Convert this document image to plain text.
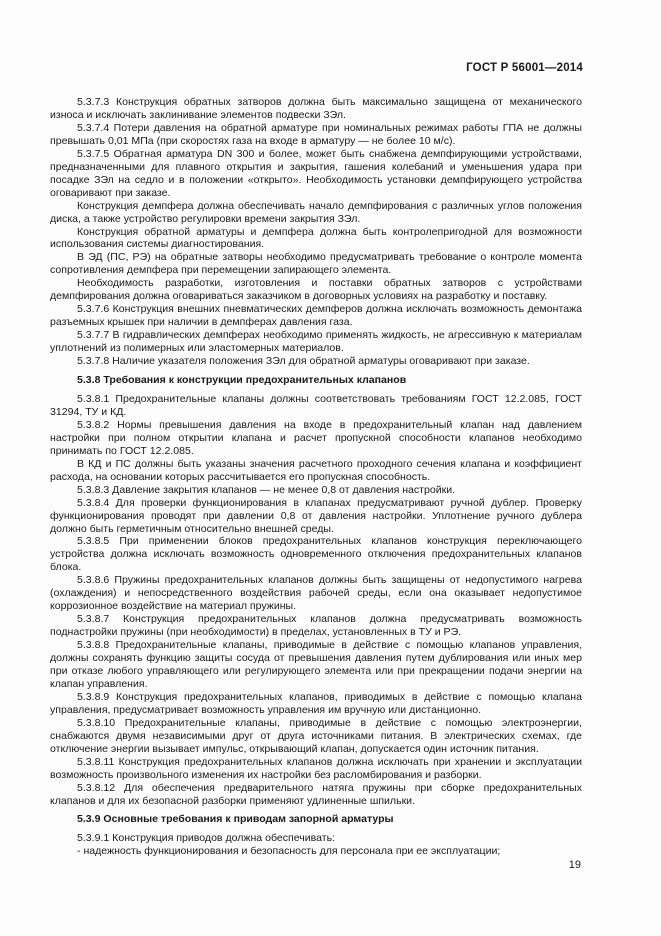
ГОСТ Р 56001—2014

5.3.7.3 Конструкция обратных затворов должна быть максимально защищена от механического износа и исключать заклинивание элементов подвески ЗЭл.

5.3.7.4 Потери давления на обратной арматуре при номинальных режимах работы ГПА не должны превышать 0,01 МПа (при скоростях газа на входе в арматуру — не более 10 м/с).

5.3.7.5 Обратная арматура DN 300 и более, может быть снабжена демпфирующими устройствами, предназначенными для плавного открытия и закрытия, гашения колебаний и уменьшения удара при посадке ЗЭл на седло и в положении «открыто». Необходимость установки демпфирующего устройства оговаривают при заказе.

Конструкция демпфера должна обеспечивать начало демпфирования с различных углов положения диска, а также устройство регулировки времени закрытия ЗЭл.

Конструкция обратной арматуры и демпфера должна быть контролепригодной для возможности использования системы диагностирования.

В ЭД (ПС, РЭ) на обратные затворы необходимо предусматривать требование о контроле момента сопротивления демпфера при перемещении запирающего элемента.

Необходимость разработки, изготовления и поставки обратных затворов с устройствами демпфирования должна оговариваться заказчиком в договорных условиях на разработку и поставку.

5.3.7.6 Конструкция внешних пневматических демпферов должна исключать возможность демонтажа разъемных крышек при наличии в демпферах давления газа.

5.3.7.7 В гидравлических демпферах необходимо применять жидкость, не агрессивную к материалам уплотнений из полимерных или эластомерных материалов.

5.3.7.8 Наличие указателя положения ЗЭл для обратной арматуры оговаривают при заказе.

5.3.8 Требования к конструкции предохранительных клапанов

5.3.8.1 Предохранительные клапаны должны соответствовать требованиям ГОСТ 12.2.085, ГОСТ 31294, ТУ и КД.

5.3.8.2 Нормы превышения давления на входе в предохранительный клапан над давлением настройки при полном открытии клапана и расчет пропускной способности клапанов необходимо принимать по ГОСТ 12.2.085.

В КД и ПС должны быть указаны значения расчетного проходного сечения клапана и коэффициент расхода, на основании которых рассчитывается его пропускная способность.

5.3.8.3 Давление закрытия клапанов — не менее 0,8 от давления настройки.

5.3.8.4 Для проверки функционирования в клапанах предусматривают ручной дублер. Проверку функционирования проводят при давлении 0,8 от давления настройки. Уплотнение ручного дублера должно быть герметичным относительно внешней среды.

5.3.8.5 При применении блоков предохранительных клапанов конструкция переключающего устройства должна исключать возможность одновременного отключения предохранительных клапанов блока.

5.3.8.6 Пружины предохранительных клапанов должны быть защищены от недопустимого нагрева (охлаждения) и непосредственного воздействия рабочей среды, если она оказывает недопустимое коррозионное воздействие на материал пружины.

5.3.8.7 Конструкция предохранительных клапанов должна предусматривать возможность поднастройки пружины (при необходимости) в пределах, установленных в ТУ и РЭ.

5.3.8.8 Предохранительные клапаны, приводимые в действие с помощью клапанов управления, должны сохранять функцию защиты сосуда от превышения давления путем дублирования или иных мер при отказе любого управляющего или регулирующего элемента или при прекращении подачи энергии на клапан управления.

5.3.8.9 Конструкция предохранительных клапанов, приводимых в действие с помощью клапана управления, предусматривает возможность управления им вручную или дистанционно.

5.3.8.10 Предохранительные клапаны, приводимые в действие с помощью электроэнергии, снабжаются двумя независимыми друг от друга источниками питания. В электрических схемах, где отключение энергии вызывает импульс, открывающий клапан, допускается один источник питания.

5.3.8.11 Конструкция предохранительных клапанов должна исключать при хранении и эксплуатации возможность произвольного изменения их настройки без расломбирования и разборки.

5.3.8.12 Для обеспечения предварительного натяга пружины при сборке предохранительных клапанов и для их безопасной разборки применяют удлиненные шпильки.

5.3.9 Основные требования к приводам запорной арматуры

5.3.9.1 Конструкция приводов должна обеспечивать:

- надежность функционирования и безопасность для персонала при ее эксплуатации;

19
